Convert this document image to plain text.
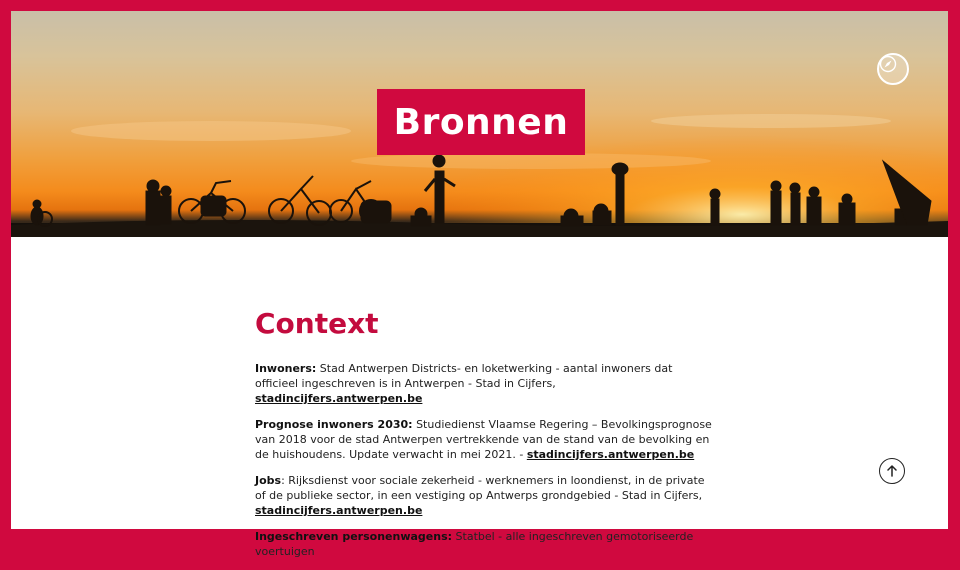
Bronnen
Context

Inwoners: Stad Antwerpen Districts- en loketwerking - aantal inwoners dat officieel ingeschreven is in Antwerpen - Stad in Cijfers, stadincijfers.antwerpen.be

Prognose inwoners 2030: Studiedienst Vlaamse Regering – Bevolkingsprognose van 2018 voor de stad Antwerpen vertrekkende van de stand van de bevolking en de huishoudens. Update verwacht in mei 2021. - stadincijfers.antwerpen.be

Jobs: Rijksdienst voor sociale zekerheid - werknemers in loondienst, in de private of de publieke sector, in een vestiging op Antwerps grondgebied - Stad in Cijfers, stadincijfers.antwerpen.be

Ingeschreven personenwagens: Statbel - alle ingeschreven gemotoriseerde voertuigen
